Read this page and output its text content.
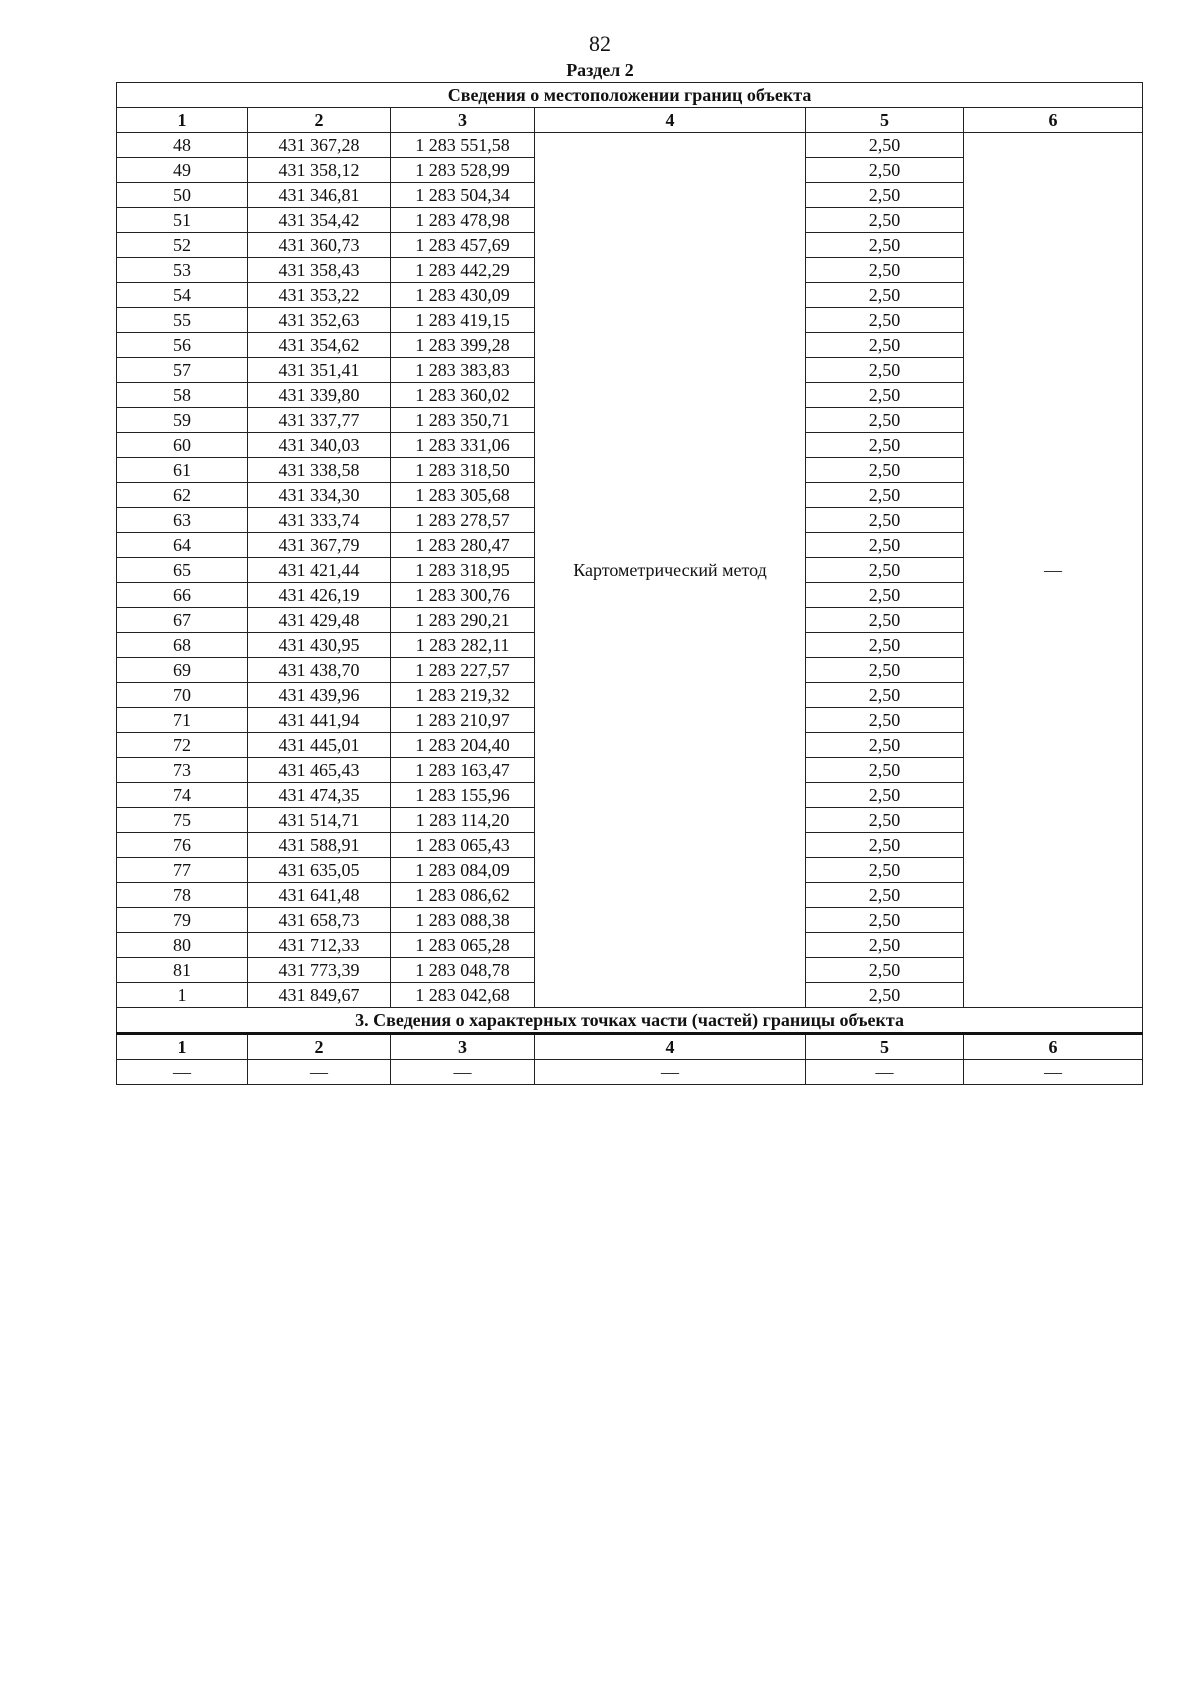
82
Раздел 2
Сведения о местоположении границ объекта					
1	2	3	4	5	6
48	431 367,28	1 283 551,58	Картометрический метод	2,50	—
49	431 358,12	1 283 528,99		2,50	
50	431 346,81	1 283 504,34		2,50	
51	431 354,42	1 283 478,98		2,50	
52	431 360,73	1 283 457,69		2,50	
53	431 358,43	1 283 442,29		2,50	
54	431 353,22	1 283 430,09		2,50	
55	431 352,63	1 283 419,15		2,50	
56	431 354,62	1 283 399,28		2,50	
57	431 351,41	1 283 383,83		2,50	
58	431 339,80	1 283 360,02		2,50	
59	431 337,77	1 283 350,71		2,50	
60	431 340,03	1 283 331,06		2,50	
61	431 338,58	1 283 318,50		2,50	
62	431 334,30	1 283 305,68		2,50	
63	431 333,74	1 283 278,57		2,50	
64	431 367,79	1 283 280,47		2,50	
65	431 421,44	1 283 318,95		2,50	
66	431 426,19	1 283 300,76		2,50	
67	431 429,48	1 283 290,21		2,50	
68	431 430,95	1 283 282,11		2,50	
69	431 438,70	1 283 227,57		2,50	
70	431 439,96	1 283 219,32		2,50	
71	431 441,94	1 283 210,97		2,50	
72	431 445,01	1 283 204,40		2,50	
73	431 465,43	1 283 163,47		2,50	
74	431 474,35	1 283 155,96		2,50	
75	431 514,71	1 283 114,20		2,50	
76	431 588,91	1 283 065,43		2,50	
77	431 635,05	1 283 084,09		2,50	
78	431 641,48	1 283 086,62		2,50	
79	431 658,73	1 283 088,38		2,50	
80	431 712,33	1 283 065,28		2,50	
81	431 773,39	1 283 048,78		2,50	
1	431 849,67	1 283 042,68		2,50	
3. Сведения о характерных точках части (частей) границы объекта					
1	2	3	4	5	6
—	—	—	—	—	—
